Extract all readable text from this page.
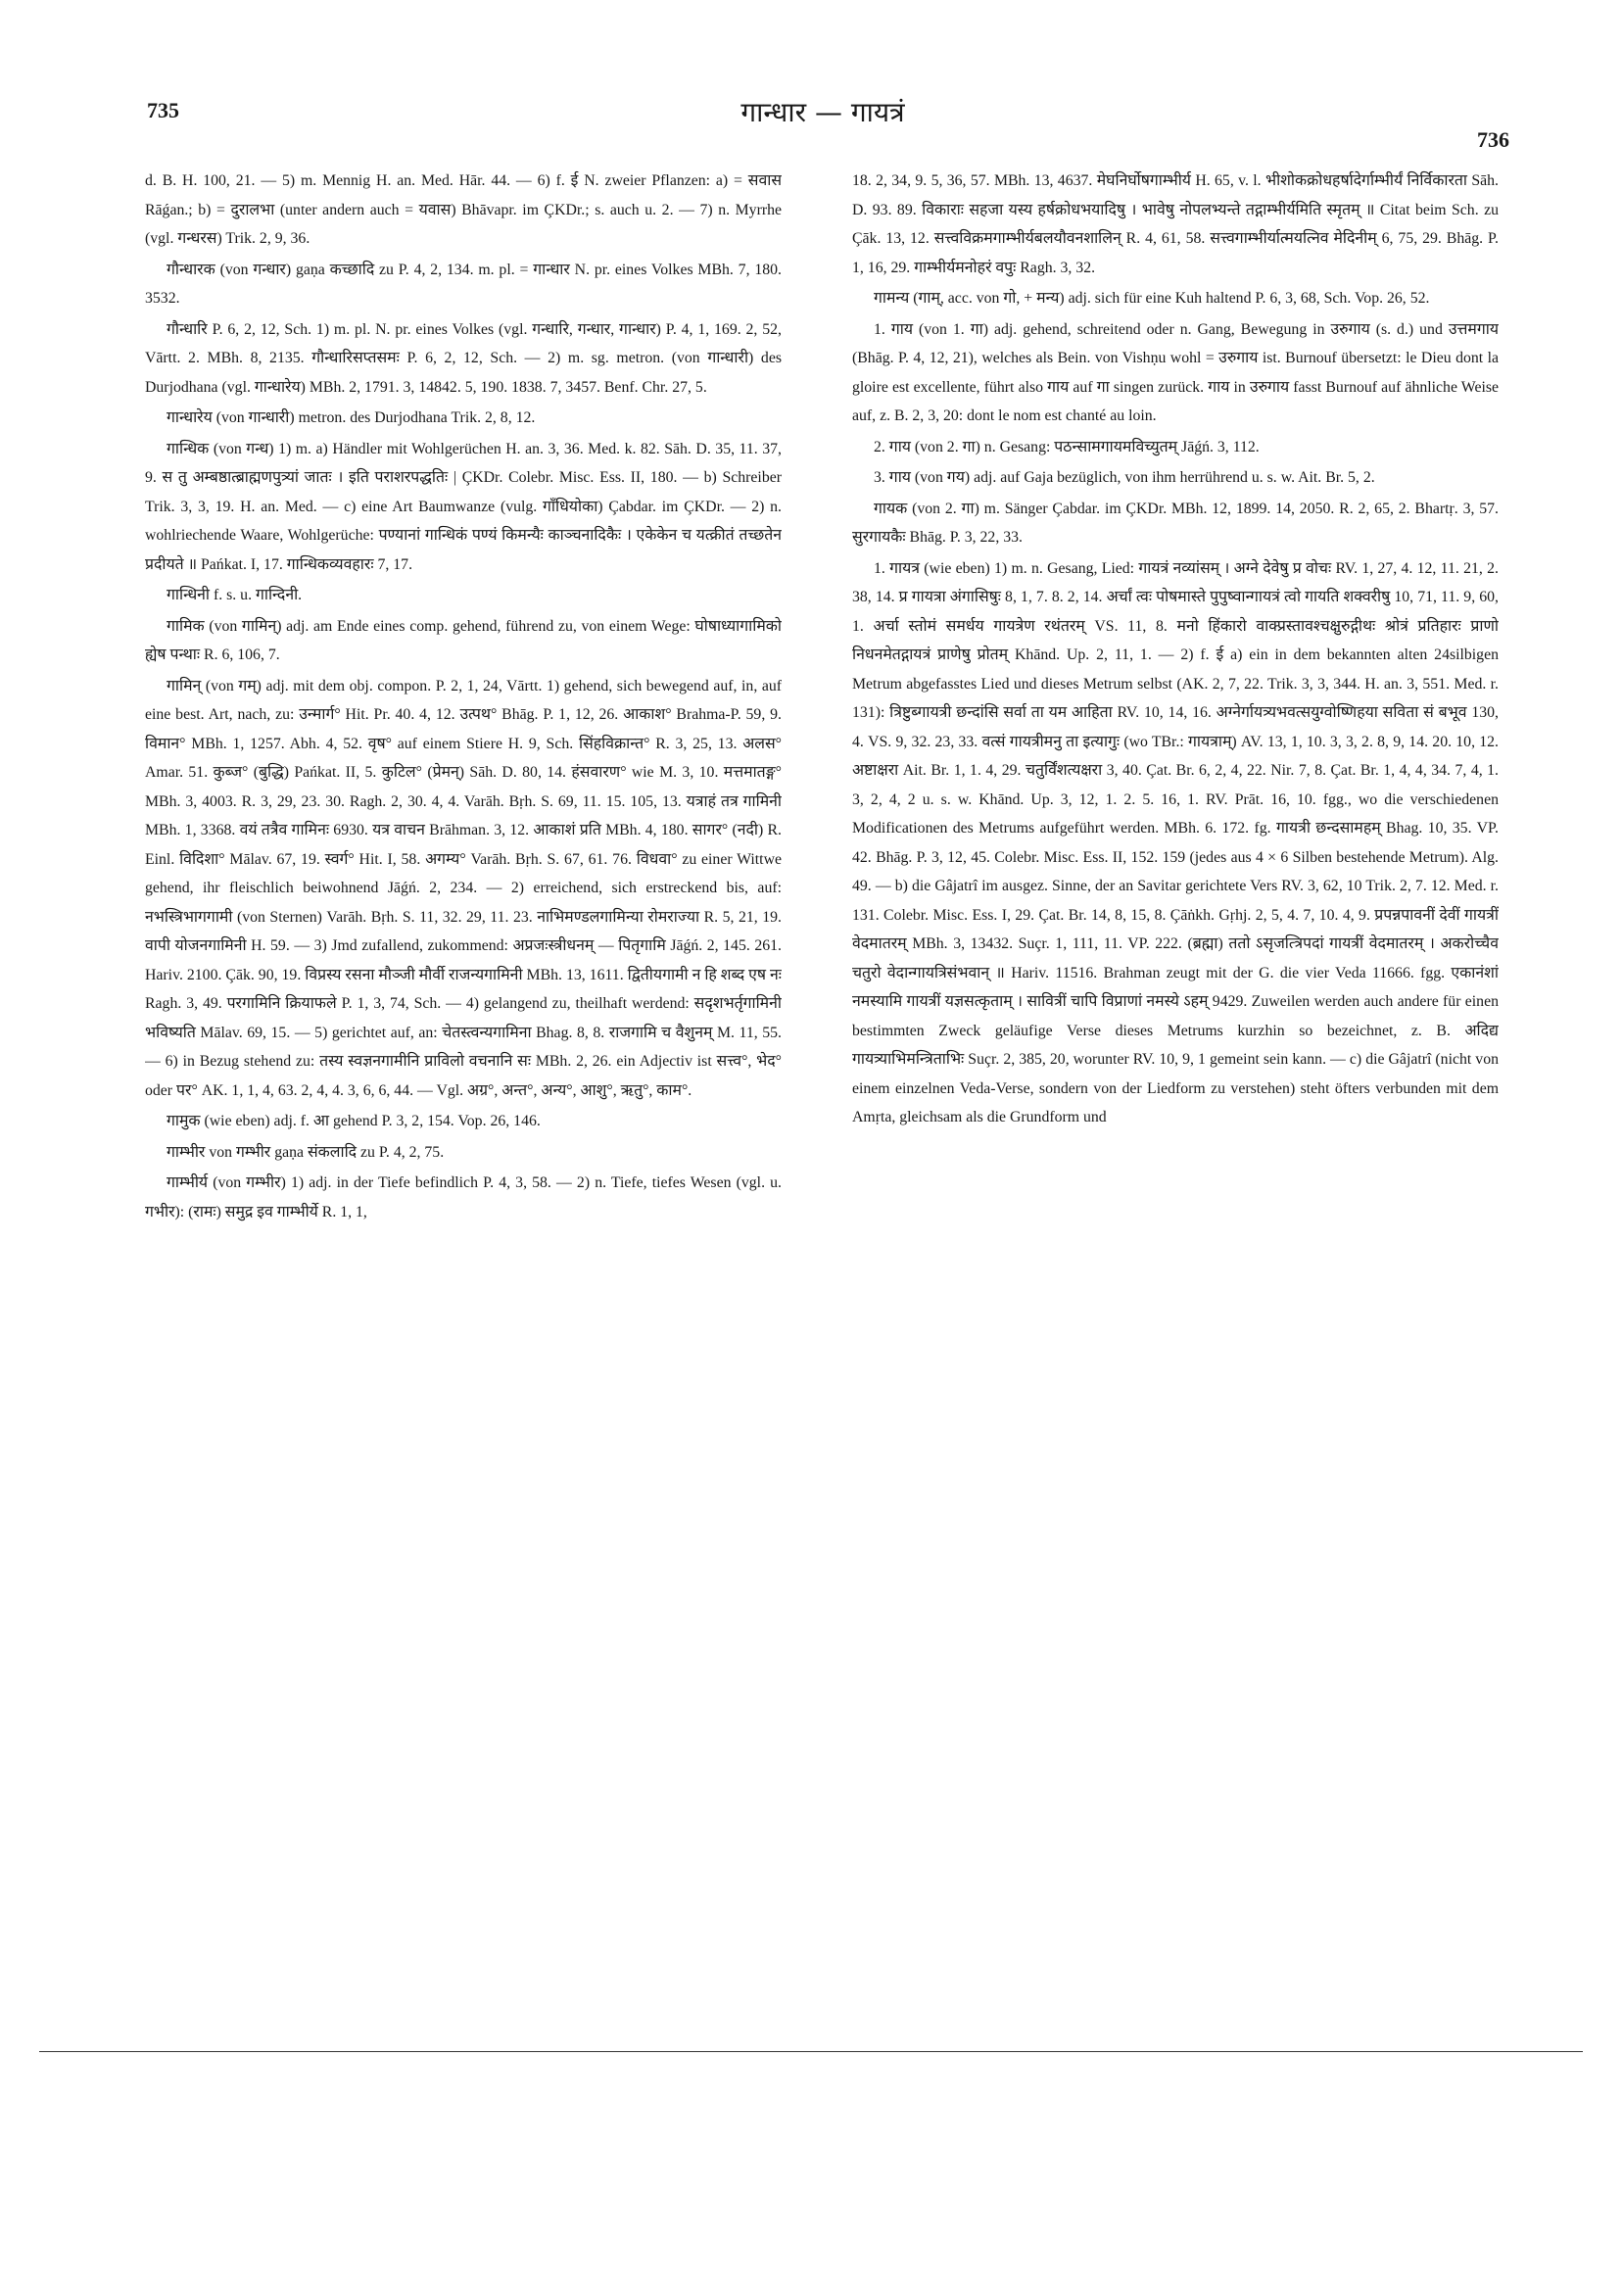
735	गान्धार — गायत्रं
736

d. B. H. 100, 21. — 5) m. Mennig H. an. Med. Hār. 44. — 6) f. ई N. zweier Pflanzen: a) = सवास Rāǵan.; b) = दुरालभा (unter andern auch = यवास) Bhāvapr. im ÇKDr.; s. auch u. 2. — 7) n. Myrrhe (vgl. गन्धरस) Trik. 2, 9, 36.

गौन्धारक (von गन्धार) gaṇa कच्छादि zu P. 4, 2, 134. m. pl. = गान्धार N. pr. eines Volkes MBh. 7, 180. 3532.

गौन्धारि P. 6, 2, 12, Sch. 1) m. pl. N. pr. eines Volkes (vgl. गन्धारि, गन्धार, गान्धार) P. 4, 1, 169. 2, 52, Vārtt. 2. MBh. 8, 2135. गौन्धारिसप्तसमः P. 6, 2, 12, Sch. — 2) m. sg. metron. (von गान्धारी) des Durjodhana (vgl. गान्धारेय) MBh. 2, 1791. 3, 14842. 5, 190. 1838. 7, 3457. Benf. Chr. 27, 5.

गान्धारेय (von गान्धारी) metron. des Durjodhana Trik. 2, 8, 12.

गान्धिक (von गन्ध) 1) m. a) Händler mit Wohlgerüchen H. an. 3, 36. Med. k. 82. Sāh. D. 35, 11. 37, 9. स तु अम्बष्ठात्ब्राह्मणपुत्र्यां जातः । इति पराशरपद्धतिः | ÇKDr. Colebr. Misc. Ess. II, 180. — b) Schreiber Trik. 3, 3, 19. H. an. Med. — c) eine Art Baumwanze (vulg. गाँधियोका) Çabdar. im ÇKDr. — 2) n. wohlriechende Waare, Wohlgerüche: पण्यानां गान्धिकं पण्यं किमन्यैः काञ्चनादिकैः । एकेकेन च यत्क्रीतं तच्छतेन प्रदीयते ॥ Pańkat. I, 17. गान्धिकव्यवहारः 7, 17.

गान्धिनी f. s. u. गान्दिनी.

गामिक (von गामिन्) adj. am Ende eines comp. gehend, führend zu, von einem Wege: घोषाध्यागामिको ह्येष पन्थाः R. 6, 106, 7.

गामिन् (von गम्) adj. mit dem obj. compon. P. 2, 1, 24, Vārtt. 1) gehend, sich bewegend auf, in, auf eine best. Art, nach, zu: उन्मार्ग° Hit. Pr. 40. 4, 12. उत्पथ° Bhāg. P. 1, 12, 26. आकाश° Brahma-P. 59, 9. विमान° MBh. 1, 1257. Abh. 4, 52. वृष° auf einem Stiere H. 9, Sch. सिंहविक्रान्त° R. 3, 25, 13. अलस° Amar. 51. कुब्ज° (बुद्धि) Pańkat. II, 5. कुटिल° (प्रेमन्) Sāh. D. 80, 14. हंसवारण° wie M. 3, 10. मत्तमातङ्ग° MBh. 3, 4003. R. 3, 29, 23. 30. Ragh. 2, 30. 4, 4. Varāh. Bṛh. S. 69, 11. 15. 105, 13. यत्राहं तत्र गामिनी MBh. 1, 3368. वयं तत्रैव गामिनः 6930. यत्र वाचन Brāhman. 3, 12. आकाशं प्रति MBh. 4, 180. सागर° (नदी) R. Einl. विदिशा° Mālav. 67, 19. स्वर्ग° Hit. I, 58. अगम्य° Varāh. Bṛh. S. 67, 61. 76. विधवा° zu einer Wittwe gehend, ihr fleischlich beiwohnend Jāǵń. 2, 234. — 2) erreichend, sich erstreckend bis, auf: नभस्त्रिभागगामी (von Sternen) Varāh. Bṛh. S. 11, 32. 29, 11. 23. नाभिमण्डलगामिन्या रोमराज्या R. 5, 21, 19. वापी योजनगामिनी H. 59. — 3) Jmd zufallend, zukommend: अप्रजःस्त्रीधनम् — पितृगामि Jāǵń. 2, 145. 261. Hariv. 2100. Çāk. 90, 19. विप्रस्य रसना मौञ्जी मौर्वी राजन्यगामिनी MBh. 13, 1611. द्वितीयगामी न हि शब्द एष नः Ragh. 3, 49. परगामिनि क्रियाफले P. 1, 3, 74, Sch. — 4) gelangend zu, theilhaft werdend: सदृशभर्तृगामिनी भविष्यति Mālav. 69, 15. — 5) gerichtet auf, an: चेतस्त्वन्यगामिना Bhag. 8, 8. राजगामि च वैशुनम् M. 11, 55. — 6) in Bezug stehend zu: तस्य स्वज्ञनगामीनि प्राविलो वचनानि सः MBh. 2, 26. ein Adjectiv ist सत्त्व°, भेद° oder पर° AK. 1, 1, 4, 63. 2, 4, 4. 3, 6, 6, 44. — Vgl. अग्र°, अन्त°, अन्य°, आशु°, ऋतु°, काम°.

गामुक (wie eben) adj. f. आ gehend P. 3, 2, 154. Vop. 26, 146.

गाम्भीर von गम्भीर gaṇa संकलादि zu P. 4, 2, 75.

गाम्भीर्य (von गम्भीर) 1) adj. in der Tiefe befindlich P. 4, 3, 58. — 2) n. Tiefe, tiefes Wesen (vgl. u. गभीर): (रामः) समुद्र इव गाम्भीर्ये R. 1, 1,

18. 2, 34, 9. 5, 36, 57. MBh. 13, 4637. मेघनिर्घोषगाम्भीर्य H. 65, v. l. भीशोकक्रोधहर्षादेर्गाम्भीर्यं निर्विकारता Sāh. D. 93. 89. विकाराः सहजा यस्य हर्षक्रोधभयादिषु । भावेषु नोपलभ्यन्ते तद्गाम्भीर्यमिति स्मृतम् ॥ Citat beim Sch. zu Çāk. 13, 12. सत्त्वविक्रमगाम्भीर्यबलयौवनशालिन् R. 4, 61, 58. सत्त्वगाम्भीर्यात्मयत्निव मेदिनीम् 6, 75, 29. Bhāg. P. 1, 16, 29. गाम्भीर्यमनोहरं वपुः Ragh. 3, 32.

गामन्य (गाम्, acc. von गो, + मन्य) adj. sich für eine Kuh haltend P. 6, 3, 68, Sch. Vop. 26, 52.

1. गाय (von 1. गा) adj. gehend, schreitend oder n. Gang, Bewegung in उरुगाय (s. d.) und उत्तमगाय (Bhāg. P. 4, 12, 21), welches als Bein. von Vishṇu wohl = उरुगाय ist. Burnouf übersetzt: le Dieu dont la gloire est excellente, führt also गाय auf गा singen zurück. गाय in उरुगाय fasst Burnouf auf ähnliche Weise auf, z. B. 2, 3, 20: dont le nom est chanté au loin.

2. गाय (von 2. गा) n. Gesang: पठन्सामगायमविच्युतम् Jāǵń. 3, 112.

3. गाय (von गय) adj. auf Gaja bezüglich, von ihm herrührend u. s. w. Ait. Br. 5, 2.

गायक (von 2. गा) m. Sänger Çabdar. im ÇKDr. MBh. 12, 1899. 14, 2050. R. 2, 65, 2. Bhartṛ. 3, 57. सुरगायकैः Bhāg. P. 3, 22, 33.

1. गायत्र (wie eben) 1) m. n. Gesang, Lied: गायत्रं नव्यांसम् । अग्ने देवेषु प्र वोचः RV. 1, 27, 4. 12, 11. 21, 2. 38, 14. प्र गायत्रा अंगासिषुः 8, 1, 7. 8. 2, 14. अर्चां त्वः पोषमास्ते पुपुष्वान्गायत्रं त्वो गायति शक्वरीषु 10, 71, 11. 9, 60, 1. अर्चा स्तोमं समर्धय गायत्रेण रथंतरम् VS. 11, 8. मनो हिंकारो वाक्प्रस्तावश्चक्षुरुद्गीथः श्रोत्रं प्रतिहारः प्राणो निधनमेतद्गायत्रं प्राणेषु प्रोतम् Khānd. Up. 2, 11, 1. — 2) f. ई a) ein in dem bekannten alten 24silbigen Metrum abgefasstes Lied und dieses Metrum selbst (AK. 2, 7, 22. Trik. 3, 3, 344. H. an. 3, 551. Med. r. 131): त्रिष्टुब्गायत्री छन्दांसि सर्वा ता यम आहिता RV. 10, 14, 16. अग्नेर्गायत्र्यभवत्सयुग्वोष्णिहया सविता सं बभूव 130, 4. VS. 9, 32. 23, 33. वत्सं गायत्रीमनु ता इत्यागुः (wo TBr.: गायत्राम्) AV. 13, 1, 10. 3, 3, 2. 8, 9, 14. 20. 10, 12. अष्टाक्षरा Ait. Br. 1, 1. 4, 29. चतुर्विंशत्यक्षरा 3, 40. Çat. Br. 6, 2, 4, 22. Nir. 7, 8. Çat. Br. 1, 4, 4, 34. 7, 4, 1. 3, 2, 4, 2 u. s. w. Khānd. Up. 3, 12, 1. 2. 5. 16, 1. RV. Prāt. 16, 10. fgg., wo die verschiedenen Modificationen des Metrums aufgeführt werden. MBh. 6. 172. fg. गायत्री छन्दसामहम् Bhag. 10, 35. VP. 42. Bhāg. P. 3, 12, 45. Colebr. Misc. Ess. II, 152. 159 (jedes aus 4 × 6 Silben bestehende Metrum). Alg. 49. — b) die Gâjatrî im ausgez. Sinne, der an Savitar gerichtete Vers RV. 3, 62, 10 Trik. 2, 7. 12. Med. r. 131. Colebr. Misc. Ess. I, 29. Çat. Br. 14, 8, 15, 8. Çāṅkh. Gṛhj. 2, 5, 4. 7, 10. 4, 9. प्रपन्नपावनीं देवीं गायत्रीं वेदमातरम् MBh. 3, 13432. Suçr. 1, 111, 11. VP. 222. (ब्रह्मा) ततो ऽसृजत्त्रिपदां गायत्रीं वेदमातरम् । अकरोच्चैव चतुरो वेदान्गायत्रिसंभवान् ॥ Hariv. 11516. Brahman zeugt mit der G. die vier Veda 11666. fgg. एकानंशां नमस्यामि गायत्रीं यज्ञसत्कृताम् । सावित्रीं चापि विप्राणां नमस्ये ऽहम् 9429. Zuweilen werden auch andere für einen bestimmten Zweck geläufige Verse dieses Metrums kurzhin so bezeichnet, z. B. अदिद्य गायत्र्याभिमन्त्रिताभिः Suçr. 2, 385, 20, worunter RV. 10, 9, 1 gemeint sein kann. — c) die Gâjatrî (nicht von einem einzelnen Veda-Verse, sondern von der Liedform zu verstehen) steht öfters verbunden mit dem Amṛta, gleichsam als die Grundform und
